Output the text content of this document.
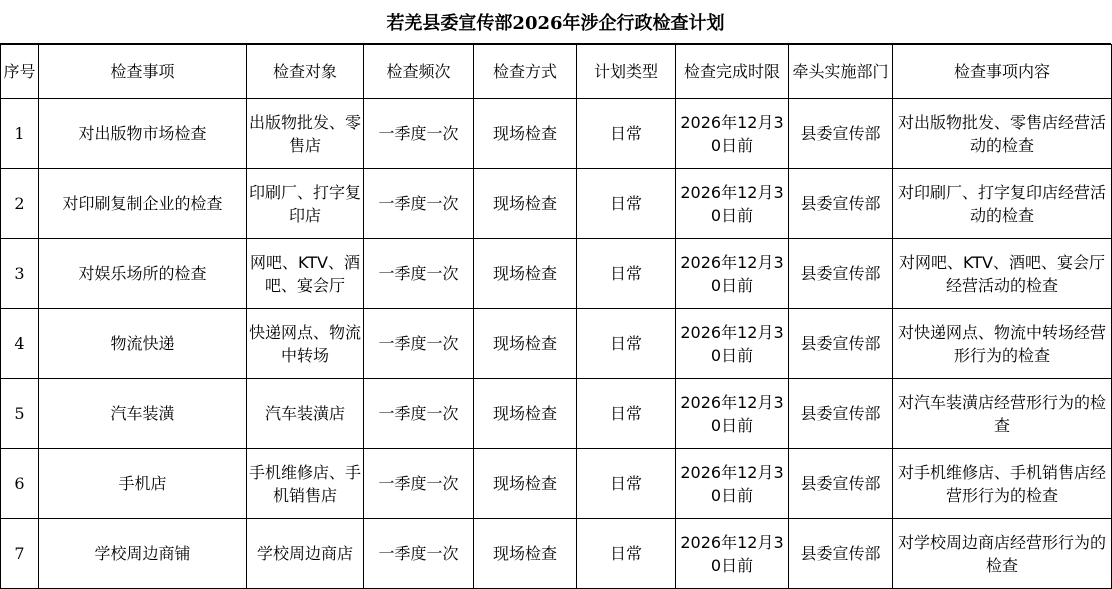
若羌县委宣传部2026年涉企行政检查计划
序号	检查事项	检查对象	检查频次	检查方式	计划类型	检查完成时限	牵头实施部门	检查事项内容
1	对出版物市场检查	出版物批发、零售店	一季度一次	现场检查	日常	2026年12月30日前	县委宣传部	对出版物批发、零售店经营活动的检查
2	对印刷复制企业的检查	印刷厂、打字复印店	一季度一次	现场检查	日常	2026年12月30日前	县委宣传部	对印刷厂、打字复印店经营活动的检查
3	对娱乐场所的检查	网吧、KTV、酒吧、宴会厅	一季度一次	现场检查	日常	2026年12月30日前	县委宣传部	对网吧、KTV、酒吧、宴会厅经营活动的检查
4	物流快递	快递网点、物流中转场	一季度一次	现场检查	日常	2026年12月30日前	县委宣传部	对快递网点、物流中转场经营形行为的检查
5	汽车装潢	汽车装潢店	一季度一次	现场检查	日常	2026年12月30日前	县委宣传部	对汽车装潢店经营形行为的检查
6	手机店	手机维修店、手机销售店	一季度一次	现场检查	日常	2026年12月30日前	县委宣传部	对手机维修店、手机销售店经营形行为的检查
7	学校周边商铺	学校周边商店	一季度一次	现场检查	日常	2026年12月30日前	县委宣传部	对学校周边商店经营形行为的检查
